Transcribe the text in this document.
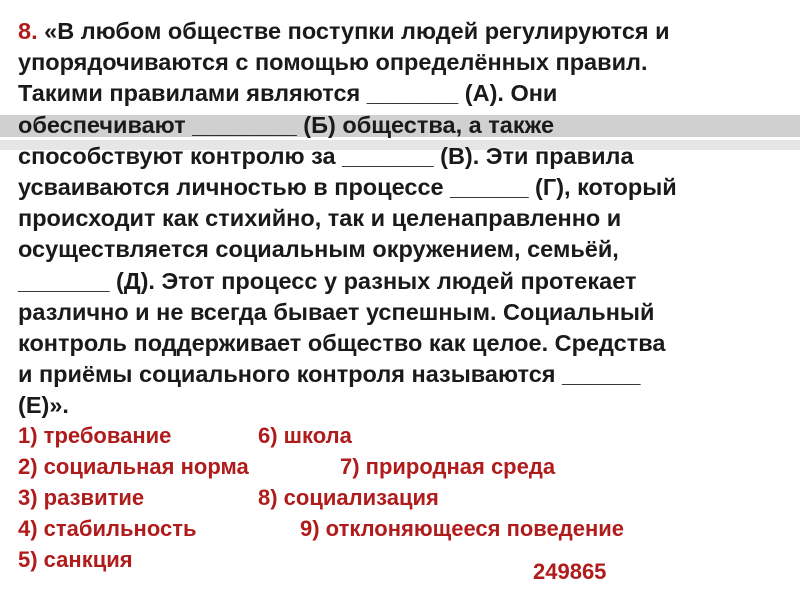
8. «В любом обществе поступки людей регулируются и
упорядочиваются с помощью определённых правил.
Такими правилами являются _______ (А). Они
обеспечивают ________ (Б) общества, а также
способствуют контролю за _______ (В). Эти правила
усваиваются личностью в процессе ______ (Г), который
происходит как стихийно, так и целенаправленно и
осуществляется социальным окружением, семьёй,
_______ (Д). Этот процесс у разных людей протекает
различно и не всегда бывает успешным. Социальный
контроль поддерживает общество как целое. Средства
и приёмы социального контроля называются ______
(Е)».

1) требование	6) школа
2) социальная норма	7) природная среда
3) развитие	8) социализация
4) стабильность	9) отклоняющееся поведение
5) санкция	249865
